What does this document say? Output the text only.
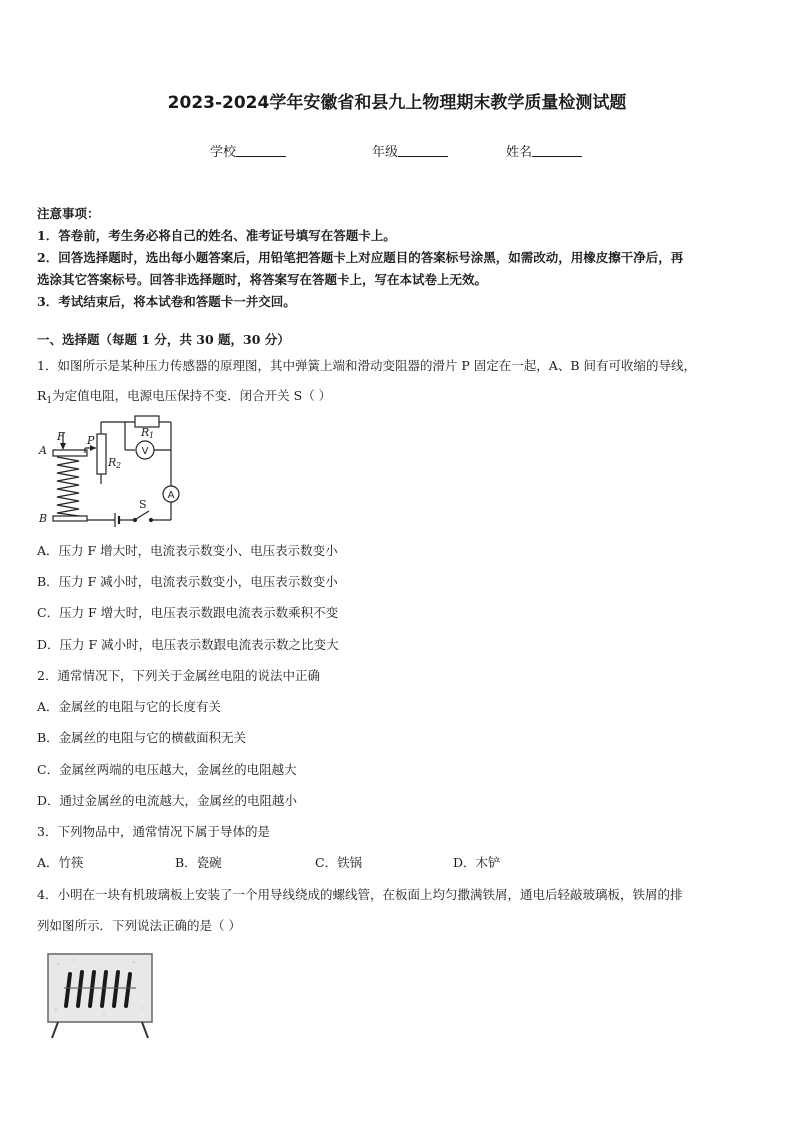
2023-2024学年安徽省和县九上物理期末教学质量检测试题
学校	年级	姓名
注意事项：
1．答卷前，考生务必将自己的姓名、准考证号填写在答题卡上。
2．回答选择题时，选出每小题答案后，用铅笔把答题卡上对应题目的答案标号涂黑，如需改动，用橡皮擦干净后，再
选涂其它答案标号。回答非选择题时，将答案写在答题卡上，写在本试卷上无效。
3．考试结束后，将本试卷和答题卡一并交回。
一、选择题（每题 1 分，共 30 题，30 分）
1．如图所示是某种压力传感器的原理图，其中弹簧上端和滑动变阻器的滑片 P 固定在一起，A、B 间有可收缩的导线，
$R_1$为定值电阻，电源电压保持不变．闭合开关 S（ ）
F P
A
B
R 1
R 2
S
V
A
A．压力 F 增大时，电流表示数变小、电压表示数变小
B．压力 F 减小时，电流表示数变小，电压表示数变小
C．压力 F 增大时，电压表示数跟电流表示数乘积不变
D．压力 F 减小时，电压表示数跟电流表示数之比变大
2．通常情况下，下列关于金属丝电阻的说法中正确
A．金属丝的电阻与它的长度有关
B．金属丝的电阻与它的横截面积无关
C．金属丝两端的电压越大，金属丝的电阻越大
D．通过金属丝的电流越大，金属丝的电阻越小
3．下列物品中，通常情况下属于导体的是
A．竹筷	B．瓷碗	C．铁锅	D．木铲
4．小明在一块有机玻璃板上安装了一个用导线绕成的螺线管，在板面上均匀撒满铁屑，通电后轻敲玻璃板，铁屑的排
列如图所示．下列说法正确的是（ ）
